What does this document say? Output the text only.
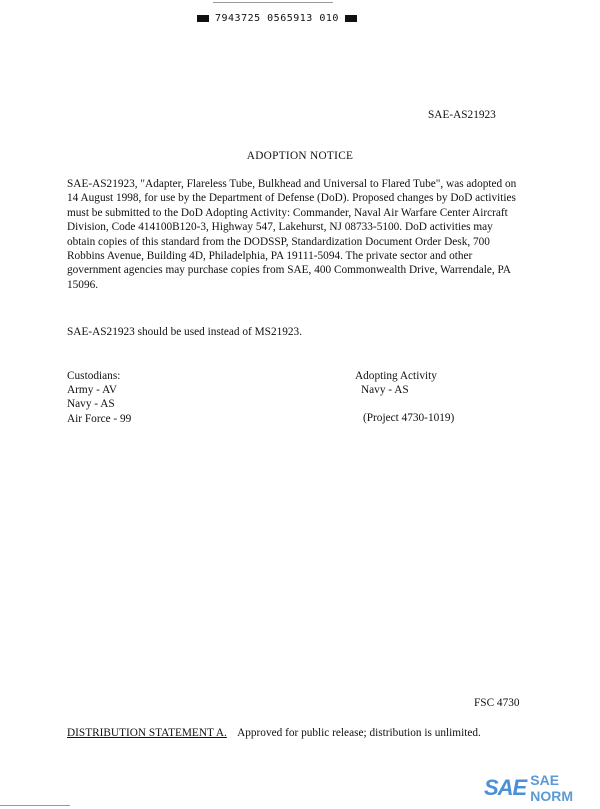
7943725 0565913 010
SAE-AS21923
ADOPTION NOTICE
SAE-AS21923, "Adapter, Flareless Tube, Bulkhead and Universal to Flared Tube", was adopted on 14 August 1998, for use by the Department of Defense (DoD). Proposed changes by DoD activities must be submitted to the DoD Adopting Activity: Commander, Naval Air Warfare Center Aircraft Division, Code 414100B120-3, Highway 547, Lakehurst, NJ 08733-5100. DoD activities may obtain copies of this standard from the DODSSP, Standardization Document Order Desk, 700 Robbins Avenue, Building 4D, Philadelphia, PA 19111-5094. The private sector and other government agencies may purchase copies from SAE, 400 Commonwealth Drive, Warrendale, PA 15096.
SAE-AS21923 should be used instead of MS21923.
Custodians:
Army - AV
Navy - AS
Air Force - 99
Adopting Activity
Navy - AS
(Project 4730-1019)
FSC 4730
DISTRIBUTION STATEMENT A. Approved for public release; distribution is unlimited.
SAE SAE NORM
